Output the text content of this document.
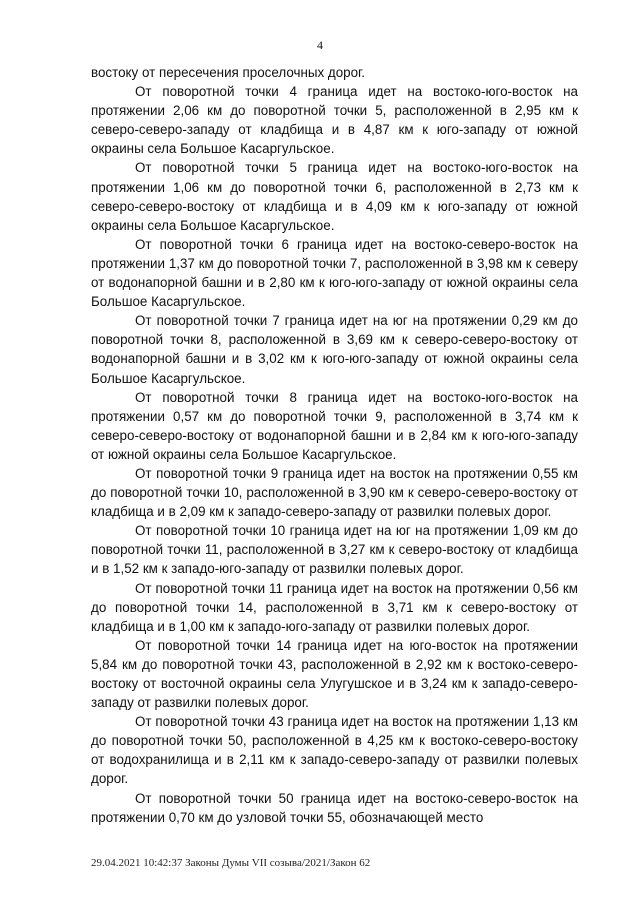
4

востоку от пересечения проселочных дорог.

От поворотной точки 4 граница идет на востоко-юго-восток на протяжении 2,06 км до поворотной точки 5, расположенной в 2,95 км к северо-северо-западу от кладбища и в 4,87 км к юго-западу от южной окраины села Большое Касаргульское.

От поворотной точки 5 граница идет на востоко-юго-восток на протяжении 1,06 км до поворотной точки 6, расположенной в 2,73 км к северо-северо-востоку от кладбища и в 4,09 км к юго-западу от южной окраины села Большое Касаргульское.

От поворотной точки 6 граница идет на востоко-северо-восток на протяжении 1,37 км до поворотной точки 7, расположенной в 3,98 км к северу от водонапорной башни и в 2,80 км к юго-юго-западу от южной окраины села Большое Касаргульское.

От поворотной точки 7 граница идет на юг на протяжении 0,29 км до поворотной точки 8, расположенной в 3,69 км к северо-северо-востоку от водонапорной башни и в 3,02 км к юго-юго-западу от южной окраины села Большое Касаргульское.

От поворотной точки 8 граница идет на востоко-юго-восток на протяжении 0,57 км до поворотной точки 9, расположенной в 3,74 км к северо-северо-востоку от водонапорной башни и в 2,84 км к юго-юго-западу от южной окраины села Большое Касаргульское.

От поворотной точки 9 граница идет на восток на протяжении 0,55 км до поворотной точки 10, расположенной в 3,90 км к северо-северо-востоку от кладбища и в 2,09 км к западо-северо-западу от развилки полевых дорог.

От поворотной точки 10 граница идет на юг на протяжении 1,09 км до поворотной точки 11, расположенной в 3,27 км к северо-востоку от кладбища и в 1,52 км к западо-юго-западу от развилки полевых дорог.

От поворотной точки 11 граница идет на восток на протяжении 0,56 км до поворотной точки 14, расположенной в 3,71 км к северо-востоку от кладбища и в 1,00 км к западо-юго-западу от развилки полевых дорог.

От поворотной точки 14 граница идет на юго-восток на протяжении 5,84 км до поворотной точки 43, расположенной в 2,92 км к востоко-северо-востоку от восточной окраины села Улугушское и в 3,24 км к западо-северо-западу от развилки полевых дорог.

От поворотной точки 43 граница идет на восток на протяжении 1,13 км до поворотной точки 50, расположенной в 4,25 км к востоко-северо-востоку от водохранилища и в 2,11 км к западо-северо-западу от развилки полевых дорог.

От поворотной точки 50 граница идет на востоко-северо-восток на протяжении 0,70 км до узловой точки 55, обозначающей место

29.04.2021 10:42:37 Законы Думы VII созыва/2021/Закон 62
